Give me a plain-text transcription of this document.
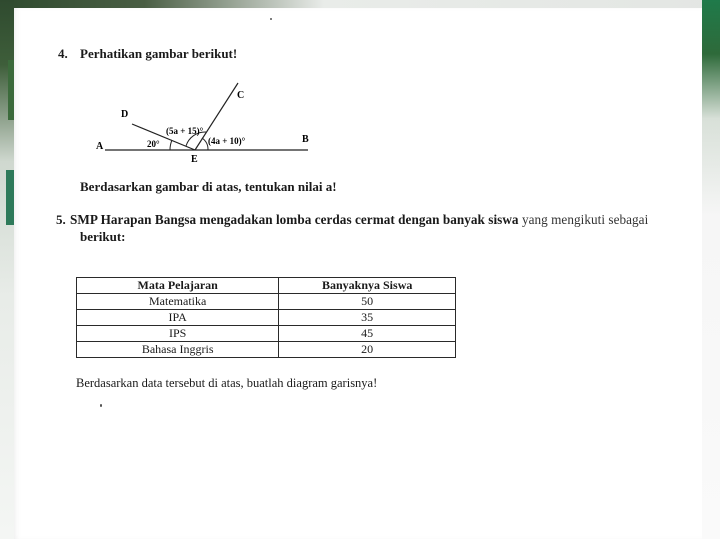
4. Perhatikan gambar berikut!
A
B
C
D
E
20°
(5a + 15)°
(4a + 10)°
Berdasarkan gambar di atas, tentukan nilai a!
5. SMP Harapan Bangsa mengadakan lomba cerdas cermat dengan banyak siswa yang mengikuti sebagai
berikut:
Mata Pelajaran	Banyaknya Siswa
Matematika	50
IPA	35
IPS	45
Bahasa Inggris	20
Berdasarkan data tersebut di atas, buatlah diagram garisnya!
